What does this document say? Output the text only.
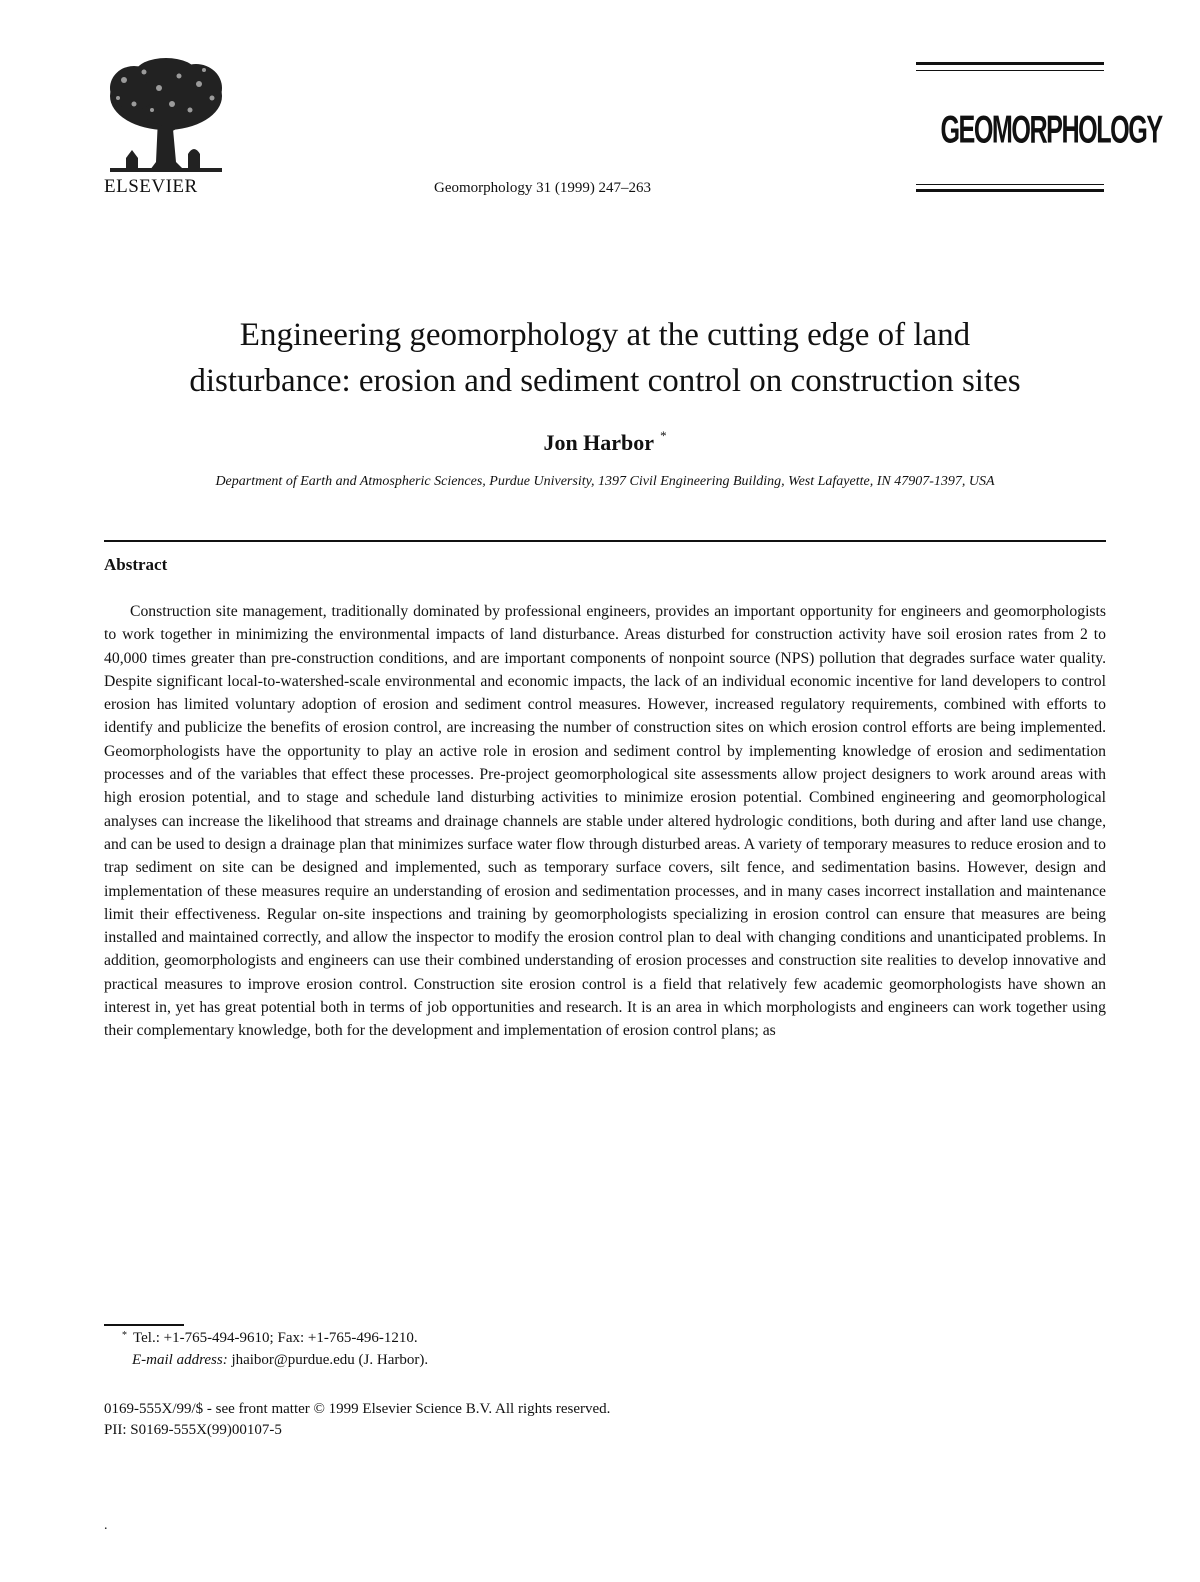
ELSEVIER	Geomorphology 31 (1999) 247–263
GEOMORPHOLOGY
Engineering geomorphology at the cutting edge of land
disturbance: erosion and sediment control on construction sites
Jon Harbor *
Department of Earth and Atmospheric Sciences, Purdue University, 1397 Civil Engineering Building, West Lafayette, IN 47907-1397, USA
Abstract
Construction site management, traditionally dominated by professional engineers, provides an important opportunity for engineers and geomorphologists to work together in minimizing the environmental impacts of land disturbance. Areas disturbed for construction activity have soil erosion rates from 2 to 40,000 times greater than pre-construction conditions, and are important components of nonpoint source (NPS) pollution that degrades surface water quality. Despite significant local-to-watershed-scale environmental and economic impacts, the lack of an individual economic incentive for land developers to control erosion has limited voluntary adoption of erosion and sediment control measures. However, increased regulatory requirements, combined with efforts to identify and publicize the benefits of erosion control, are increasing the number of construction sites on which erosion control efforts are being implemented. Geomorphologists have the opportunity to play an active role in erosion and sediment control by implementing knowledge of erosion and sedimentation processes and of the variables that effect these processes. Pre-project geomorphological site assessments allow project designers to work around areas with high erosion potential, and to stage and schedule land disturbing activities to minimize erosion potential. Combined engineering and geomorphological analyses can increase the likelihood that streams and drainage channels are stable under altered hydrologic conditions, both during and after land use change, and can be used to design a drainage plan that minimizes surface water flow through disturbed areas. A variety of temporary measures to reduce erosion and to trap sediment on site can be designed and implemented, such as temporary surface covers, silt fence, and sedimentation basins. However, design and implementation of these measures require an understanding of erosion and sedimentation processes, and in many cases incorrect installation and maintenance limit their effectiveness. Regular on-site inspections and training by geomorphologists specializing in erosion control can ensure that measures are being installed and maintained correctly, and allow the inspector to modify the erosion control plan to deal with changing conditions and unanticipated problems. In addition, geomorphologists and engineers can use their combined understanding of erosion processes and construction site realities to develop innovative and practical measures to improve erosion control. Construction site erosion control is a field that relatively few academic geomorphologists have shown an interest in, yet has great potential both in terms of job opportunities and research. It is an area in which morphologists and engineers can work together using their complementary knowledge, both for the development and implementation of erosion control plans; as
* Tel.: +1-765-494-9610; Fax: +1-765-496-1210.
E-mail address: jhaibor@purdue.edu (J. Harbor).
0169-555X/99/$ - see front matter © 1999 Elsevier Science B.V. All rights reserved.
PII: S0169-555X(99)00107-5
.
